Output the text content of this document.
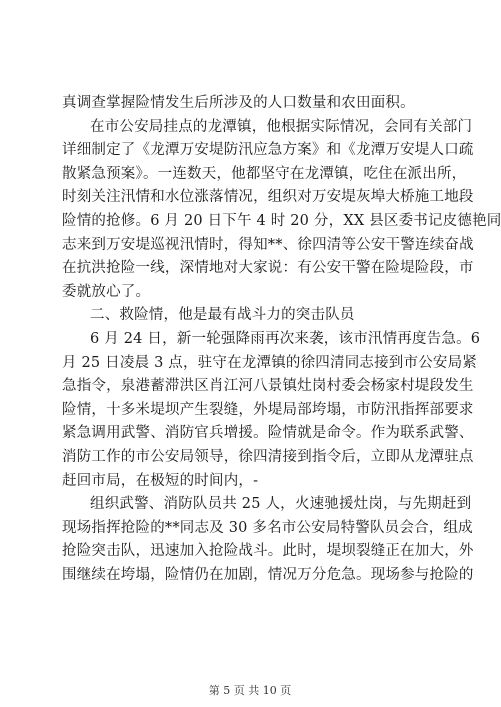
真调查掌握险情发生后所涉及的人口数量和农田面积。
在市公安局挂点的龙潭镇，他根据实际情况，会同有关部门
详细制定了《龙潭万安堤防汛应急方案》和《龙潭万安堤人口疏
散紧急预案》。一连数天，他都坚守在龙潭镇，吃住在派出所，
时刻关注汛情和水位涨落情况，组织对万安堤灰埠大桥施工地段
险情的抢修。6 月 20 日下午 4 时 20 分，XX 县区委书记皮德艳同
志来到万安堤巡视汛情时，得知**、徐四清等公安干警连续奋战
在抗洪抢险一线，深情地对大家说：有公安干警在险堤险段，市
委就放心了。
二、救险情，他是最有战斗力的突击队员
6 月 24 日，新一轮强降雨再次来袭，该市汛情再度告急。6
月 25 日凌晨 3 点，驻守在龙潭镇的徐四清同志接到市公安局紧
急指令，泉港蓄滞洪区肖江河八景镇灶岗村委会杨家村堤段发生
险情，十多米堤坝产生裂缝，外堤局部垮塌，市防汛指挥部要求
紧急调用武警、消防官兵增援。险情就是命令。作为联系武警、
消防工作的市公安局领导，徐四清接到指令后，立即从龙潭驻点
赶回市局，在极短的时间内，-
组织武警、消防队员共 25 人，火速驰援灶岗，与先期赶到
现场指挥抢险的**同志及 30 多名市公安局特警队员会合，组成
抢险突击队，迅速加入抢险战斗。此时，堤坝裂缝正在加大，外
围继续在垮塌，险情仍在加剧，情况万分危急。现场参与抢险的
第 5 页 共 10 页
